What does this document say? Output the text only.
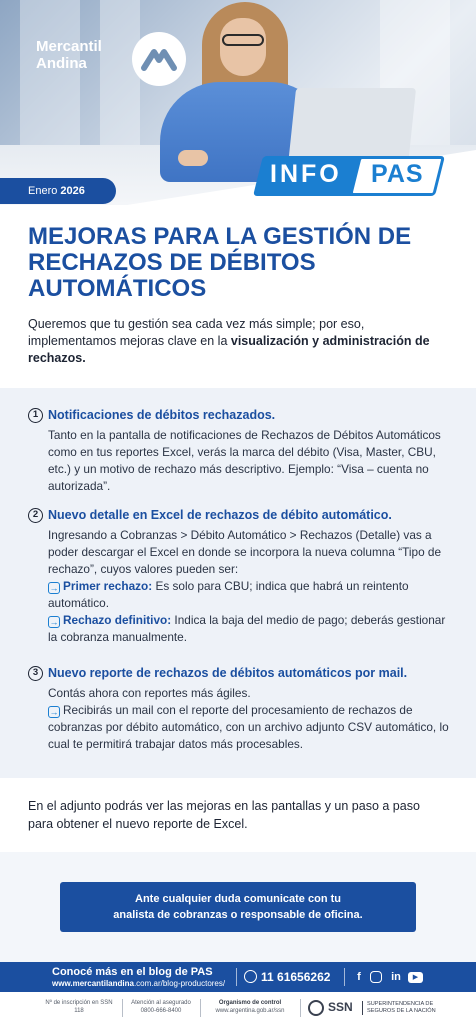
Mercantil
Andina
Enero 2026
INFO PAS
MEJORAS PARA LA GESTIÓN DE RECHAZOS DE DÉBITOS AUTOMÁTICOS

Queremos que tu gestión sea cada vez más simple; por eso, implementamos mejoras clave en la visualización y administración de rechazos.

1 Notificaciones de débitos rechazados.
Tanto en la pantalla de notificaciones de Rechazos de Débitos Automáticos como en tus reportes Excel, verás la marca del débito (Visa, Master, CBU, etc.) y un motivo de rechazo más descriptivo. Ejemplo: “Visa – cuenta no autorizada”.
2 Nuevo detalle en Excel de rechazos de débito automático.
Ingresando a Cobranzas > Débito Automático > Rechazos (Detalle) vas a poder descargar el Excel en donde se incorpora la nueva columna “Tipo de rechazo”, cuyos valores pueden ser:
→ Primer rechazo: Es solo para CBU; indica que habrá un reintento automático.
→ Rechazo definitivo: Indica la baja del medio de pago; deberás gestionar la cobranza manualmente.
3 Nuevo reporte de rechazos de débitos automáticos por mail.
Contás ahora con reportes más ágiles.
→ Recibirás un mail con el reporte del procesamiento de rechazos de cobranzas por débito automático, con un archivo adjunto CSV automático, lo cual te permitirá trabajar datos más procesables.

En el adjunto podrás ver las mejoras en las pantallas y un paso a paso para obtener el nuevo reporte de Excel.

Ante cualquier duda comunicate con tu
analista de cobranzas o responsable de oficina.
Conocé más en el blog de PAS
www.mercantilandina.com.ar/blog-productores/	11 61656262	f	in	▶
Nº de inscripción en SSN
118
Atención al asegurado
0800-666-8400
Organismo de control
www.argentina.gob.ar/ssn	SSN	SUPERINTENDENCIA DE
SEGUROS DE LA NACIÓN
